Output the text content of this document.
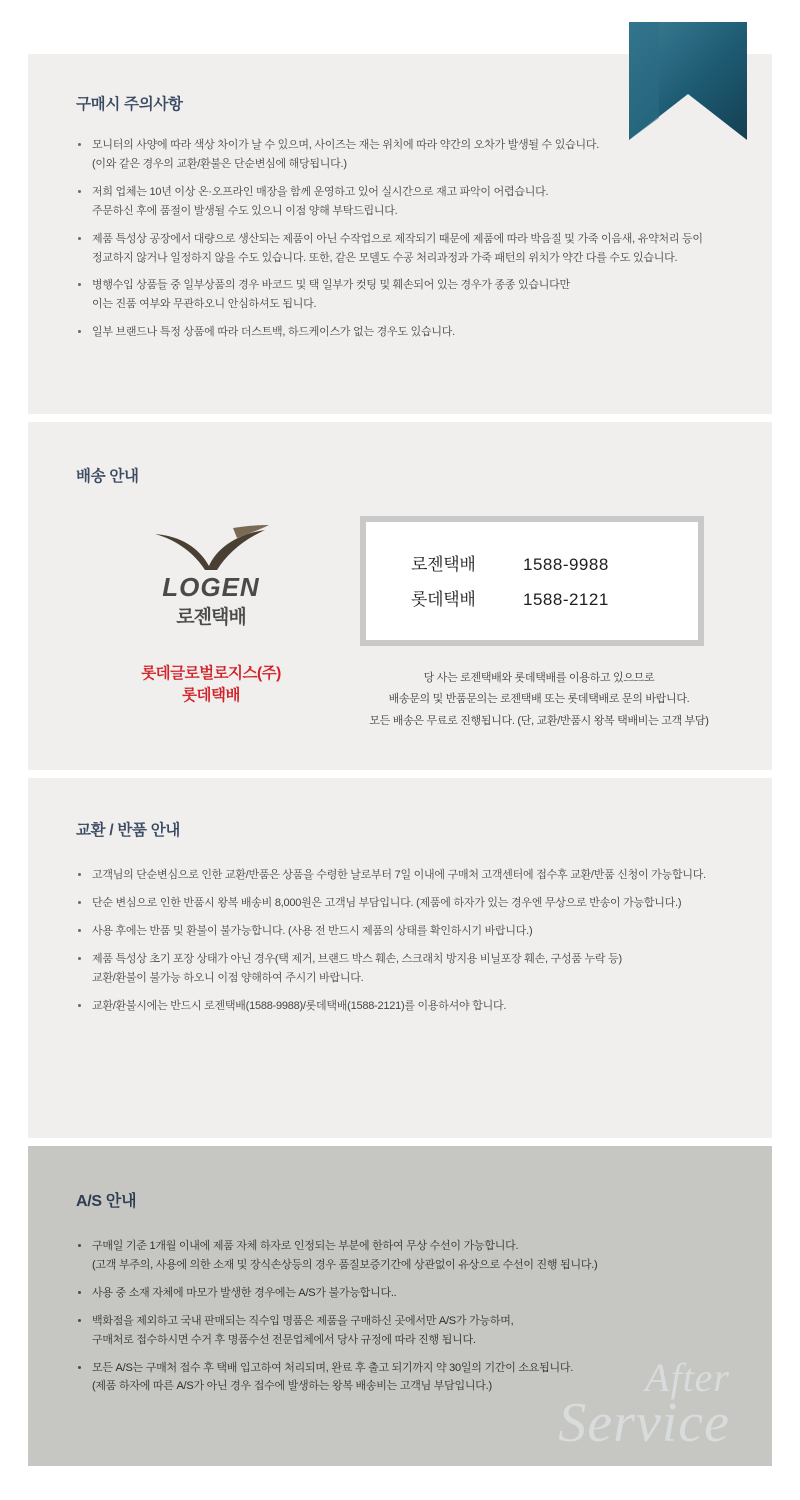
구매시 주의사항
모니터의 사양에 따라 색상 차이가 날 수 있으며, 사이즈는 재는 위치에 따라 약간의 오차가 발생될 수 있습니다.
(이와 같은 경우의 교환/환불은 단순변심에 해당됩니다.)
저희 업체는 10년 이상 온·오프라인 매장을 함께 운영하고 있어 실시간으로 재고 파악이 어렵습니다.
주문하신 후에 품절이 발생될 수도 있으니 이점 양해 부탁드립니다.
제품 특성상 공장에서 대량으로 생산되는 제품이 아닌 수작업으로 제작되기 때문에 제품에 따라 박음질 및 가죽 이음새, 유약처리 등이
정교하지 않거나 일정하지 않을 수도 있습니다. 또한, 같은 모델도 수공 처리과정과 가죽 패턴의 위치가 약간 다를 수도 있습니다.
병행수입 상품들 중 일부상품의 경우 바코드 및 택 일부가 컷팅 및 훼손되어 있는 경우가 종종 있습니다만
이는 진품 여부와 무관하오니 안심하셔도 됩니다.
일부 브랜드나 특정 상품에 따라 더스트백, 하드케이스가 없는 경우도 있습니다.
배송 안내
LOGEN
로젠택배
롯데글로벌로지스(주)
롯데택배
로젠택배	1588-9988
롯데택배	1588-2121
당 사는 로젠택배와 롯데택배를 이용하고 있으므로
배송문의 및 반품문의는 로젠택배 또는 롯데택배로 문의 바랍니다.
모든 배송은 무료로 진행됩니다. (단, 교환/반품시 왕복 택배비는 고객 부담)
교환 / 반품 안내
고객님의 단순변심으로 인한 교환/반품은 상품을 수령한 날로부터 7일 이내에 구매처 고객센터에 접수후 교환/반품 신청이 가능합니다.
단순 변심으로 인한 반품시 왕복 배송비 8,000원은 고객님 부담입니다. (제품에 하자가 있는 경우엔 무상으로 반송이 가능합니다.)
사용 후에는 반품 및 환불이 불가능합니다. (사용 전 반드시 제품의 상태를 확인하시기 바랍니다.)
제품 특성상 초기 포장 상태가 아닌 경우(택 제거, 브랜드 박스 훼손, 스크래치 방지용 비닐포장 훼손, 구성품 누락 등)
교환/환불이 불가능 하오니 이점 양해하여 주시기 바랍니다.
교환/환불시에는 반드시 로젠택배(1588-9988)/롯데택배(1588-2121)를 이용하셔야 합니다.
A/S 안내
구매일 기준 1개월 이내에 제품 자체 하자로 인정되는 부분에 한하여 무상 수선이 가능합니다.
(고객 부주의, 사용에 의한 소재 및 장식손상등의 경우 품질보증기간에 상관없이 유상으로 수선이 진행 됩니다.)
사용 중 소재 자체에 마모가 발생한 경우에는 A/S가 불가능합니다..
백화점을 제외하고 국내 판매되는 직수입 명품은 제품을 구매하신 곳에서만 A/S가 가능하며,
구매처로 접수하시면 수거 후 명품수선 전문업체에서 당사 규정에 따라 진행 됩니다.
모든 A/S는 구매처 접수 후 택배 입고하여 처리되며, 완료 후 출고 되기까지 약 30일의 기간이 소요됩니다.
(제품 하자에 따른 A/S가 아닌 경우 접수에 발생하는 왕복 배송비는 고객님 부담입니다.)	After
Service
